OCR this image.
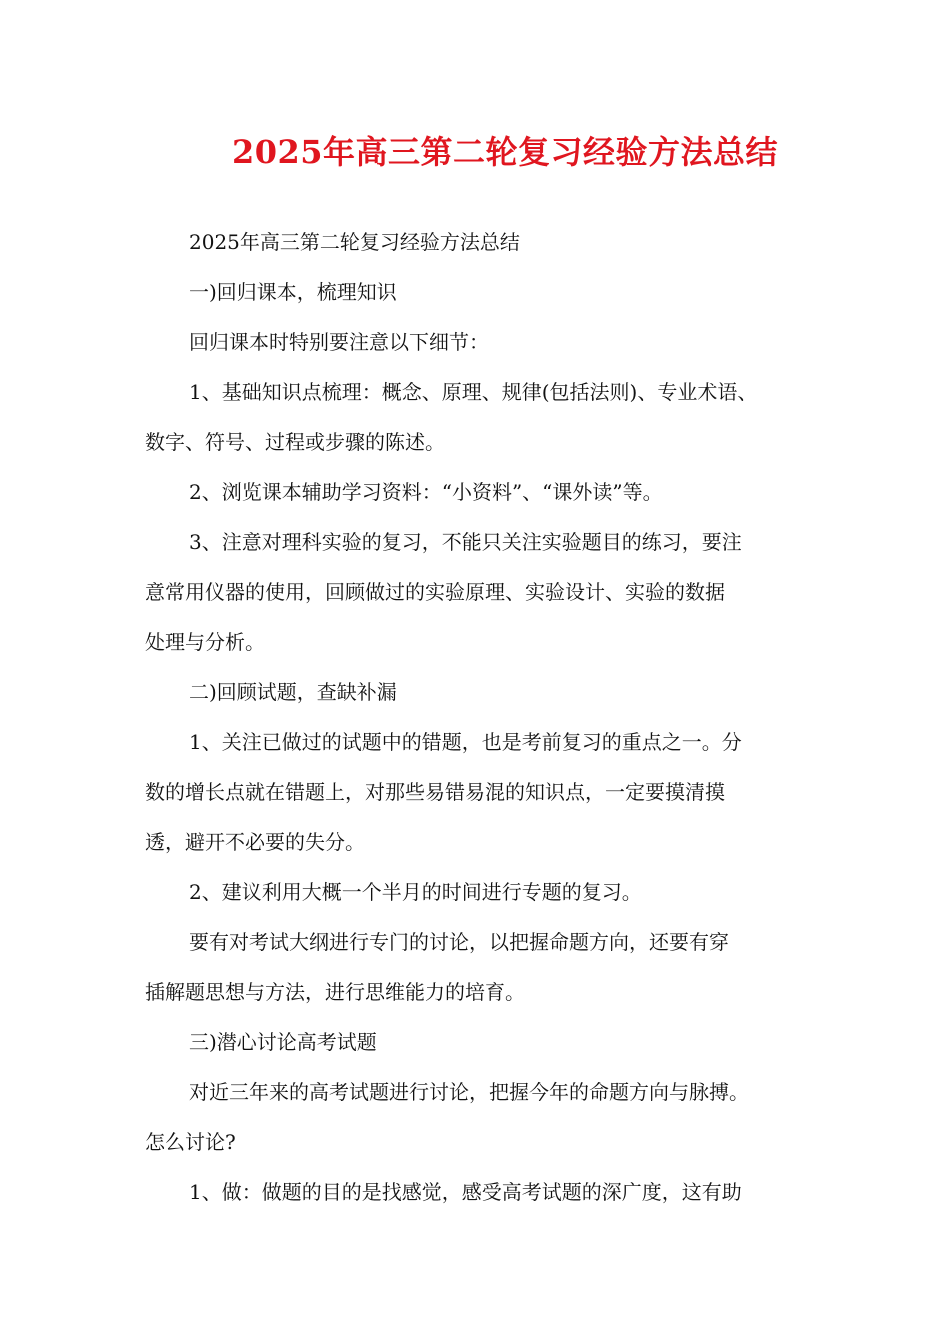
2025年高三第二轮复习经验方法总结
2025年高三第二轮复习经验方法总结
一)回归课本，梳理知识
回归课本时特别要注意以下细节：
1、基础知识点梳理：概念、原理、规律(包括法则)、专业术语、
数字、符号、过程或步骤的陈述。
2、浏览课本辅助学习资料：“小资料”、“课外读”等。
3、注意对理科实验的复习，不能只关注实验题目的练习，要注
意常用仪器的使用，回顾做过的实验原理、实验设计、实验的数据
处理与分析。
二)回顾试题，查缺补漏
1、关注已做过的试题中的错题，也是考前复习的重点之一。分
数的增长点就在错题上，对那些易错易混的知识点，一定要摸清摸
透，避开不必要的失分。
2、建议利用大概一个半月的时间进行专题的复习。
要有对考试大纲进行专门的讨论，以把握命题方向，还要有穿
插解题思想与方法，进行思维能力的培育。
三)潜心讨论高考试题
对近三年来的高考试题进行讨论，把握今年的命题方向与脉搏。
怎么讨论?
1、做：做题的目的是找感觉，感受高考试题的深广度，这有助
